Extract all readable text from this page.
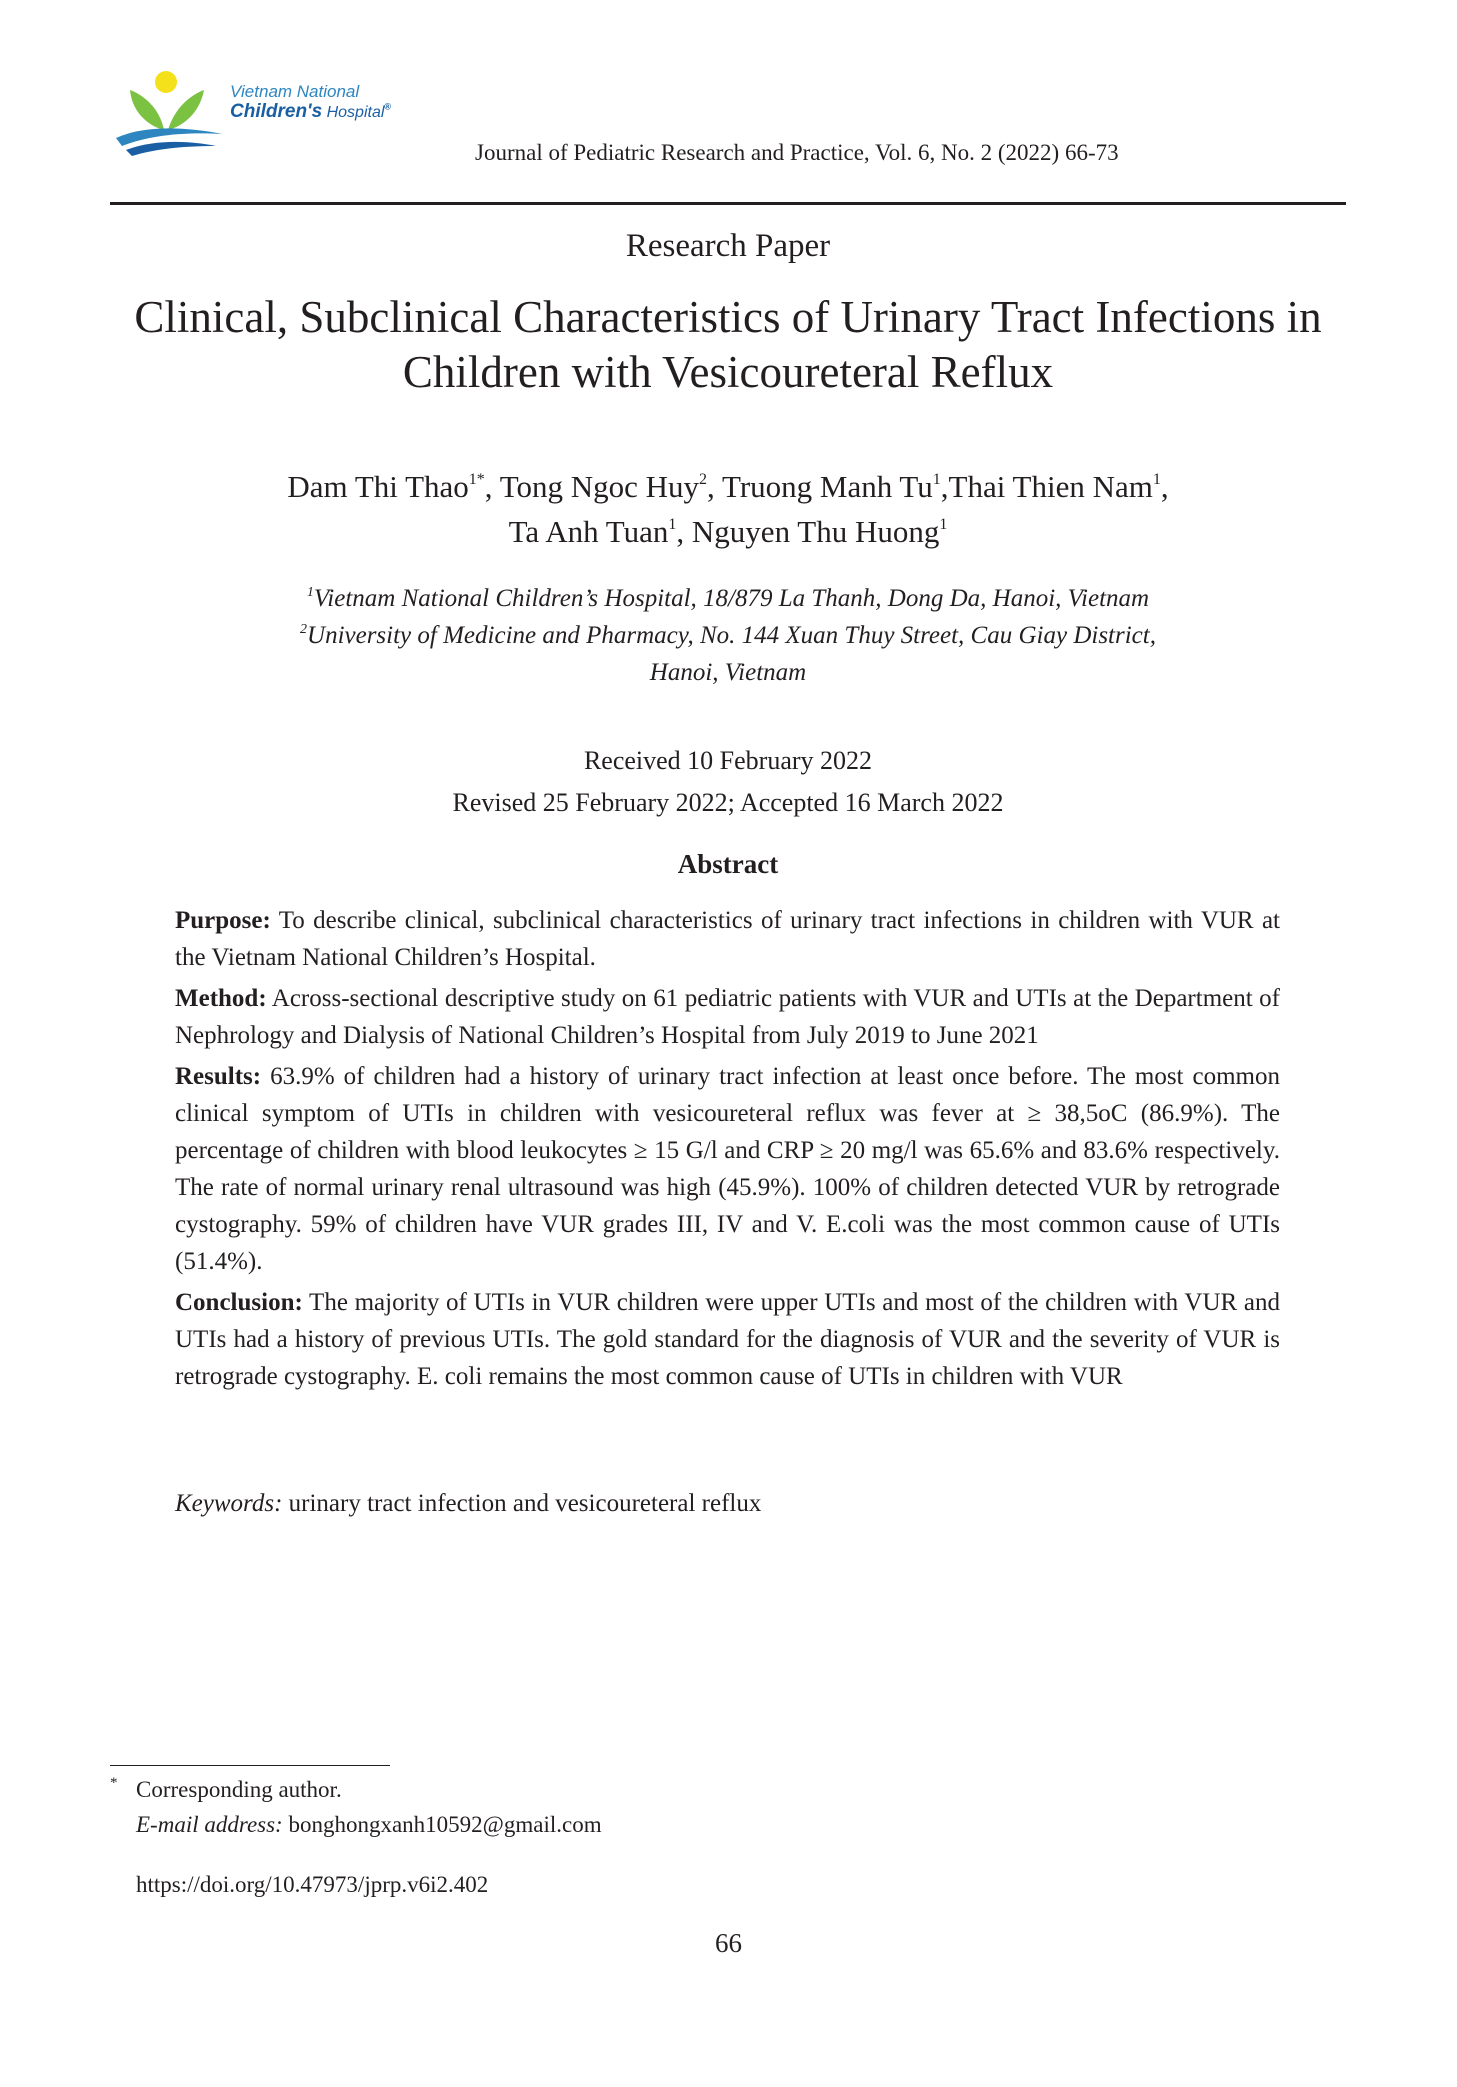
Vietnam National
Children's Hospital®
Journal of Pediatric Research and Practice, Vol. 6, No. 2 (2022) 66-73
Research Paper
Clinical, Subclinical Characteristics of Urinary Tract Infections in
Children with Vesicoureteral Reflux
Dam Thi Thao$^{1*}$, Tong Ngoc Huy$^2$, Truong Manh Tu$^1$,Thai Thien Nam$^1$,
Ta Anh Tuan$^1$, Nguyen Thu Huong$^1$
$^1$Vietnam National Children’s Hospital, 18/879 La Thanh, Dong Da, Hanoi, Vietnam
$^2$University of Medicine and Pharmacy, No. 144 Xuan Thuy Street, Cau Giay District,
Hanoi, Vietnam
Received 10 February 2022
Revised 25 February 2022; Accepted 16 March 2022
Abstract

Purpose: To describe clinical, subclinical characteristics of urinary tract infections in children with VUR at the Vietnam National Children’s Hospital.

Method: Across-sectional descriptive study on 61 pediatric patients with VUR and UTIs at the Department of Nephrology and Dialysis of National Children’s Hospital from July 2019 to June 2021

Results: 63.9% of children had a history of urinary tract infection at least once before. The most common clinical symptom of UTIs in children with vesicoureteral reflux was fever at ≥ 38,5oC (86.9%). The percentage of children with blood leukocytes ≥ 15 G/l and CRP ≥ 20 mg/l was 65.6% and 83.6% respectively. The rate of normal urinary renal ultrasound was high (45.9%). 100% of children detected VUR by retrograde cystography. 59% of children have VUR grades III, IV and V. E.coli was the most common cause of UTIs (51.4%).

Conclusion: The majority of UTIs in VUR children were upper UTIs and most of the children with VUR and UTIs had a history of previous UTIs. The gold standard for the diagnosis of VUR and the severity of VUR is retrograde cystography. E. coli remains the most common cause of UTIs in children with VUR

Keywords: urinary tract infection and vesicoureteral reflux
* Corresponding author.
E-mail address: bonghongxanh10592@gmail.com
https://doi.org/10.47973/jprp.v6i2.402
66
